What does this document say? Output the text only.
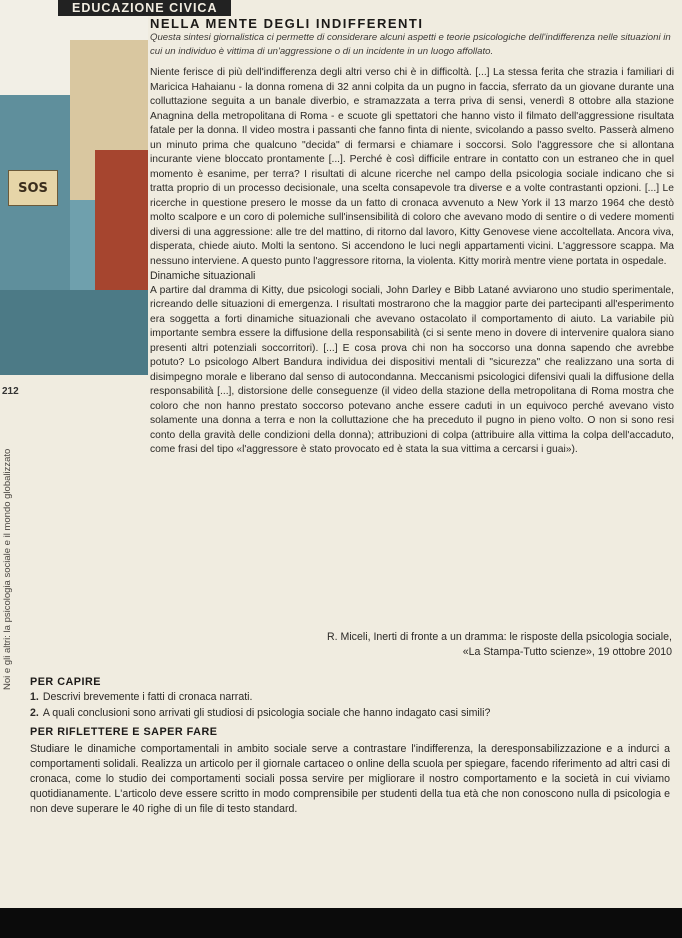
SOS
EDUCAZIONE CIVICA
NELLA MENTE DEGLI INDIFFERENTI

Questa sintesi giornalistica ci permette di considerare alcuni aspetti e teorie psicologiche dell'indifferenza nelle situazioni in cui un individuo è vittima di un'aggressione o di un incidente in un luogo affollato.

Niente ferisce di più dell'indifferenza degli altri verso chi è in difficoltà. [...] La stessa ferita che strazia i familiari di Maricica Hahaianu - la donna romena di 32 anni colpita da un pugno in faccia, sferrato da un giovane durante una colluttazione seguita a un banale diverbio, e stramazzata a terra priva di sensi, venerdì 8 ottobre alla stazione Anagnina della metropolitana di Roma - e scuote gli spettatori che hanno visto il filmato dell'aggressione risultata fatale per la donna. Il video mostra i passanti che fanno finta di niente, svicolando a passo svelto. Passerà almeno un minuto prima che qualcuno "decida" di fermarsi e chiamare i soccorsi. Solo l'aggressore che si allontana incurante viene bloccato prontamente [...]. Perché è così difficile entrare in contatto con un estraneo che in quel momento è esanime, per terra? I risultati di alcune ricerche nel campo della psicologia sociale indicano che si tratta proprio di un processo decisionale, una scelta consapevole tra diverse e a volte contrastanti opzioni. [...] Le ricerche in questione presero le mosse da un fatto di cronaca avvenuto a New York il 13 marzo 1964 che destò molto scalpore e un coro di polemiche sull'insensibilità di coloro che avevano modo di sentire o di vedere momenti diversi di una aggressione: alle tre del mattino, di ritorno dal lavoro, Kitty Genovese viene accoltellata. Ancora viva, disperata, chiede aiuto. Molti la sentono. Si accendono le luci negli appartamenti vicini. L'aggressore scappa. Ma nessuno interviene. A questo punto l'aggressore ritorna, la violenta. Kitty morirà mentre viene portata in ospedale.

Dinamiche situazionali

A partire dal dramma di Kitty, due psicologi sociali, John Darley e Bibb Latané avviarono uno studio sperimentale, ricreando delle situazioni di emergenza. I risultati mostrarono che la maggior parte dei partecipanti all'esperimento era soggetta a forti dinamiche situazionali che avevano ostacolato il comportamento di aiuto. La variabile più importante sembra essere la diffusione della responsabilità (ci si sente meno in dovere di intervenire qualora siano presenti altri potenziali soccorritori). [...] E cosa prova chi non ha soccorso una donna sapendo che avrebbe potuto? Lo psicologo Albert Bandura individua dei dispositivi mentali di "sicurezza" che realizzano una sorta di disimpegno morale e liberano dal senso di autocondanna. Meccanismi psicologici difensivi quali la diffusione della responsabilità [...], distorsione delle conseguenze (il video della stazione della metropolitana di Roma mostra che coloro che non hanno prestato soccorso potevano anche essere caduti in un equivoco perché avevano visto solamente una donna a terra e non la colluttazione che ha preceduto il pugno in pieno volto. O non si sono resi conto della gravità delle condizioni della donna); attribuzioni di colpa (attribuire alla vittima la colpa dell'accaduto, come frasi del tipo «l'aggressore è stato provocato ed è stata la sua vittima a cercarsi i guai»).

R. Miceli, Inerti di fronte a un dramma: le risposte della psicologia sociale,
«La Stampa-Tutto scienze», 19 ottobre 2010
212
Noi e gli altri: la psicologia sociale e il mondo globalizzato PER CAPIRE

1. Descrivi brevemente i fatti di cronaca narrati.

2. A quali conclusioni sono arrivati gli studiosi di psicologia sociale che hanno indagato casi simili?

PER RIFLETTERE E SAPER FARE

Studiare le dinamiche comportamentali in ambito sociale serve a contrastare l'indifferenza, la deresponsabilizzazione e a indurci a comportamenti solidali. Realizza un articolo per il giornale cartaceo o online della scuola per spiegare, facendo riferimento ad altri casi di cronaca, come lo studio dei comportamenti sociali possa servire per migliorare il nostro comportamento e la società in cui viviamo quotidianamente. L'articolo deve essere scritto in modo comprensibile per studenti della tua età che non conoscono nulla di psicologia e non deve superare le 40 righe di un file di testo standard.
